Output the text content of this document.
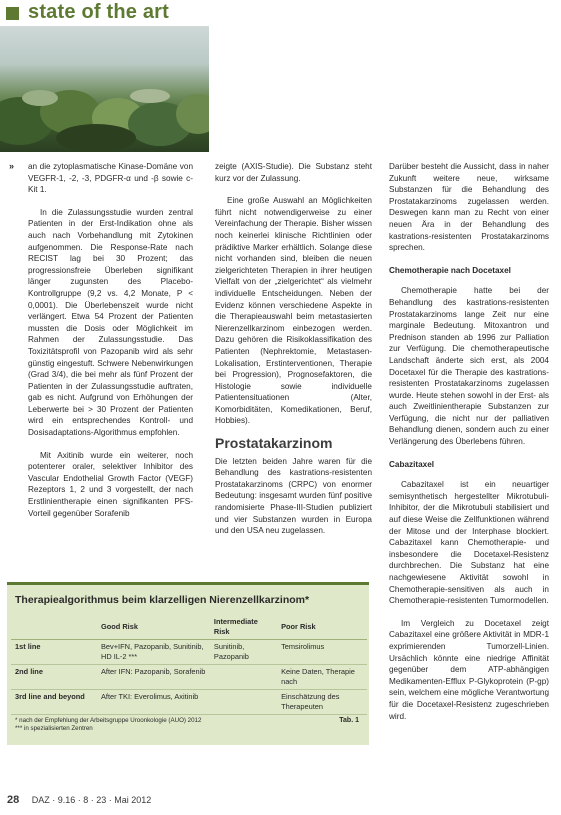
state of the art
» an die zytoplasmatische Kinase-Domäne von VEGFR-1, -2, -3, PDGFR-α und -β sowie c-Kit 1.

In die Zulassungsstudie wurden zentral Patienten in der Erst-Indikation ohne als auch nach Vorbehandlung mit Zytokinen aufgenommen. Die Response-Rate nach RECIST lag bei 30 Prozent; das progressionsfreie Überleben signifikant länger zugunsten des Placebo-Kontrollgruppe (9,2 vs. 4,2 Monate, P < 0,0001). Die Überlebenszeit wurde nicht verlängert. Etwa 54 Prozent der Patienten mussten die Dosis oder Möglichkeit im Rahmen der Zulassungsstudie. Das Toxizitätsprofil von Pazopanib wird als sehr günstig eingestuft. Schwere Nebenwirkungen (Grad 3/4), die bei mehr als fünf Prozent der Patienten in der Zulassungsstudie auftraten, gab es nicht. Aufgrund von Erhöhungen der Leberwerte bei > 30 Prozent der Patienten wird ein entsprechendes Kontroll- und Dosisadaptations-Algorithmus empfohlen.

Mit Axitinib wurde ein weiterer, noch potenterer oraler, selektiver Inhibitor des Vascular Endothelial Growth Factor (VEGF) Rezeptors 1, 2 und 3 vorgestellt, der nach Erstlinientherapie einen signifikanten PFS-Vorteil gegenüber Sorafenib

zeigte (AXIS-Studie). Die Substanz steht kurz vor der Zulassung.

Eine große Auswahl an Möglichkeiten führt nicht notwendigerweise zu einer Vereinfachung der Therapie. Bisher wissen noch keinerlei klinische Richtlinien oder prädiktive Marker erhältlich. Solange diese nicht vorhanden sind, bleiben die neuen zielgerichteten Therapien in ihrer heutigen Vielfalt von der „zielgerichtet“ als vielmehr individuelle Entscheidungen. Neben der Evidenz können verschiedene Aspekte in die Therapieauswahl beim metastasierten Nierenzellkarzinom einbezogen werden. Dazu gehören die Risikoklassifikation des Patienten (Nephrektomie, Metastasen-Lokalisation, Erstinterventionen, Therapie bei Progression), Prognosefaktoren, die Histologie sowie individuelle Patientensituationen (Alter, Komorbiditäten, Komedikationen, Beruf, Hobbies).

Prostatakarzinom

Die letzten beiden Jahre waren für die Behandlung des kastrations-resistenten Prostatakarzinoms (CRPC) von enormer Bedeutung: insgesamt wurden fünf positive randomisierte Phase-III-Studien publiziert und vier Substanzen wurden in Europa und den USA neu zugelassen.

Darüber besteht die Aussicht, dass in naher Zukunft weitere neue, wirksame Substanzen für die Behandlung des Prostatakarzinoms zugelassen werden. Deswegen kann man zu Recht von einer neuen Ära in der Behandlung des kastrations-resistenten Prostatakarzinoms sprechen.

Chemotherapie nach Docetaxel

Chemotherapie hatte bei der Behandlung des kastrations-resistenten Prostatakarzinoms lange Zeit nur eine marginale Bedeutung. Mitoxantron und Prednison standen ab 1996 zur Palliation zur Verfügung. Die chemotherapeutische Landschaft änderte sich erst, als 2004 Docetaxel für die Therapie des kastrations-resistenten Prostatakarzinoms zugelassen wurde. Heute stehen sowohl in der Erst- als auch Zweitlinientherapie Substanzen zur Verfügung, die nicht nur der palliativen Behandlung dienen, sondern auch zu einer Verlängerung des Überlebens führen.

Cabazitaxel

Cabazitaxel ist ein neuartiger semisynthetisch hergestellter Mikrotubuli-Inhibitor, der die Mikrotubuli stabilisiert und auf diese Weise die Zellfunktionen während der Mitose und der Interphase blockiert. Cabazitaxel kann Chemotherapie- und insbesondere die Docetaxel-Resistenz durchbrechen. Die Substanz hat eine nachgewiesene Aktivität sowohl in Chemotherapie-sensitiven als auch in Chemotherapie-resistenten Tumormodellen.

Im Vergleich zu Docetaxel zeigt Cabazitaxel eine größere Aktivität in MDR-1 exprimierenden Tumorzell-Linien. Ursächlich könnte eine niedrige Affinität gegenüber dem ATP-abhängigen Medikamenten-Efflux P-Glykoprotein (P-gp) sein, welchem eine mögliche Verantwortung für die Docetaxel-Resistenz zugeschrieben wird.

Therapiealgorithmus beim klarzelligen Nierenzellkarzinom*
	Good Risk	Intermediate Risk	Poor Risk
1st line	Bev+IFN, Pazopanib, Sunitinib, HD IL-2 ***	Sunitinib, Pazopanib	Temsirolimus
2nd line	After IFN: Pazopanib, Sorafenib		Keine Daten, Therapie nach
3rd line and beyond	After TKI: Everolimus, Axitinib		Einschätzung des Therapeuten
* nach der Empfehlung der Arbeitsgruppe Uroonkologie (AUO) 2012
*** in spezialisierten Zentren
Tab. 1
28 DAZ · 9.16 · 8 · 23 · Mai 2012
